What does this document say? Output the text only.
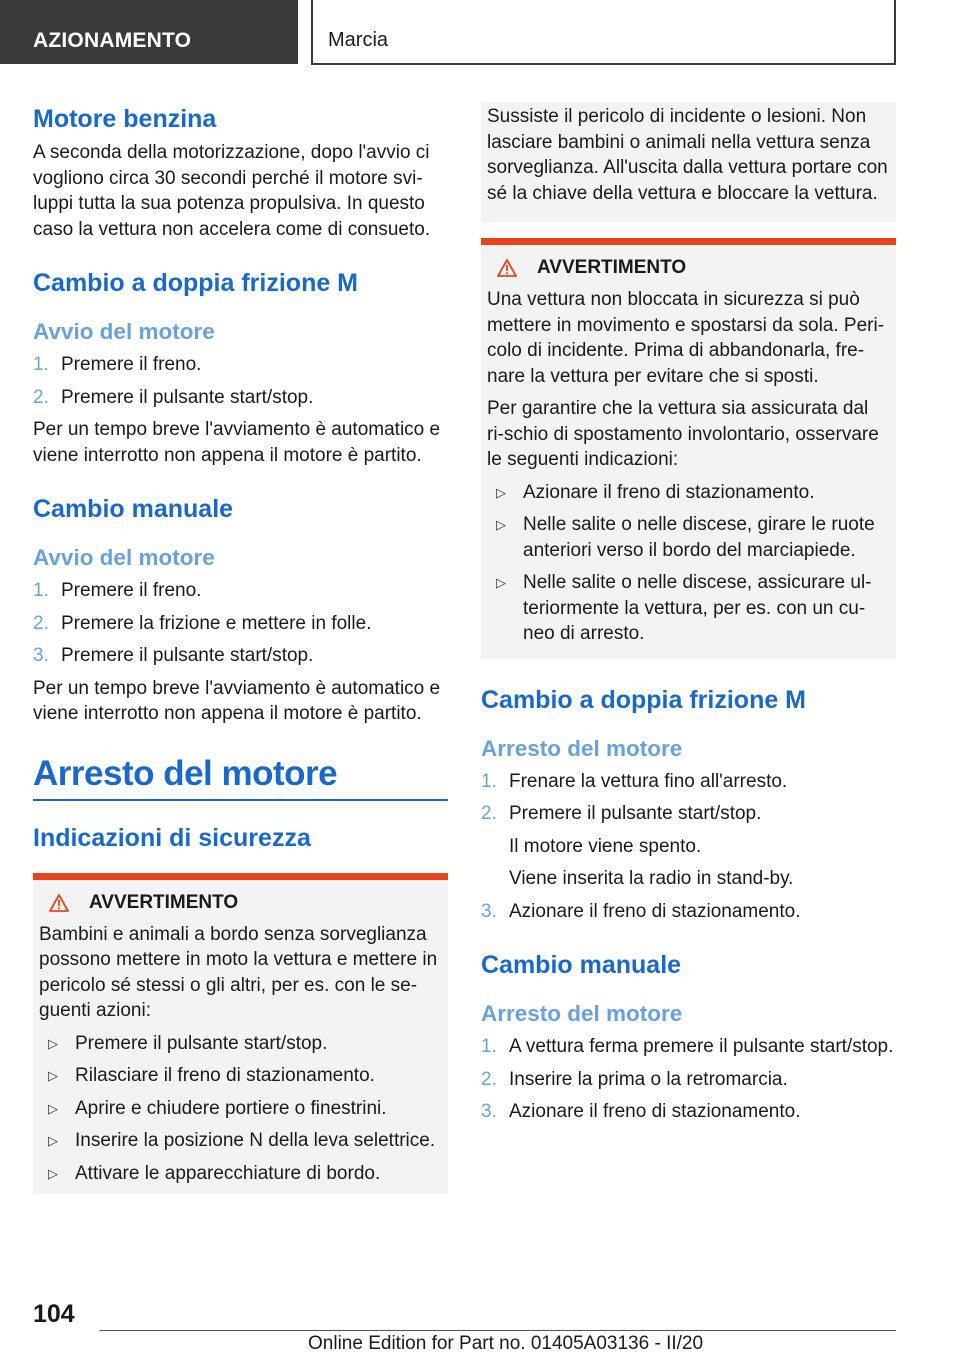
AZIONAMENTO	Marcia
Motore benzina

A seconda della motorizzazione, dopo l'avvio ci vogliono circa 30 secondi perché il motore svi-luppi tutta la sua potenza propulsiva. In questo caso la vettura non accelera come di consueto.

Cambio a doppia frizione M
Avvio del motore
1. Premere il freno.
2. Premere il pulsante start/stop.

Per un tempo breve l'avviamento è automatico e viene interrotto non appena il motore è partito.

Cambio manuale
Avvio del motore
1. Premere il freno.
2. Premere la frizione e mettere in folle.
3. Premere il pulsante start/stop.

Per un tempo breve l'avviamento è automatico e viene interrotto non appena il motore è partito.

Arresto del motore
Indicazioni di sicurezza
AVVERTIMENTO

Bambini e animali a bordo senza sorveglianza possono mettere in moto la vettura e mettere in pericolo sé stessi o gli altri, per es. con le se-guenti azioni:

▷ Premere il pulsante start/stop.
▷ Rilasciare il freno di stazionamento.
▷ Aprire e chiudere portiere o finestrini.
▷ Inserire la posizione N della leva selettrice.
▷ Attivare le apparecchiature di bordo.

Sussiste il pericolo di incidente o lesioni. Non lasciare bambini o animali nella vettura senza sorveglianza. All'uscita dalla vettura portare con sé la chiave della vettura e bloccare la vettura.

AVVERTIMENTO

Una vettura non bloccata in sicurezza si può mettere in movimento e spostarsi da sola. Peri-colo di incidente. Prima di abbandonarla, fre-nare la vettura per evitare che si sposti.

Per garantire che la vettura sia assicurata dal ri-schio di spostamento involontario, osservare le seguenti indicazioni:

▷ Azionare il freno di stazionamento.
▷ Nelle salite o nelle discese, girare le ruote anteriori verso il bordo del marciapiede.
▷ Nelle salite o nelle discese, assicurare ul-teriormente la vettura, per es. con un cu-neo di arresto.
Cambio a doppia frizione M
Arresto del motore
1. Frenare la vettura fino all'arresto.
2. Premere il pulsante start/stop.
Il motore viene spento.
Viene inserita la radio in stand-by.
3. Azionare il freno di stazionamento.
Cambio manuale
Arresto del motore
1. A vettura ferma premere il pulsante start/stop.
2. Inserire la prima o la retromarcia.
3. Azionare il freno di stazionamento.
104
Online Edition for Part no. 01405A03136 - II/20
